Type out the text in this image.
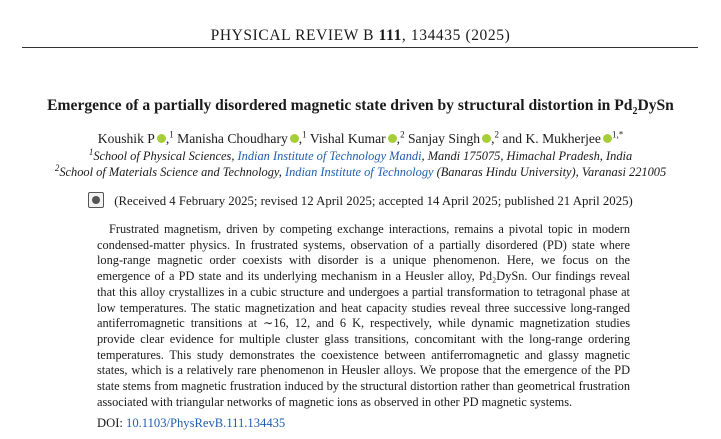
PHYSICAL REVIEW B 111, 134435 (2025)
Emergence of a partially disordered magnetic state driven by structural distortion in $Pd_2DySn$
Koushik P ,$^1$ Manisha Choudhary ,$^1$ Vishal Kumar ,$^2$ Sanjay Singh ,$^2$ and K. Mukherjee $^{1,*}$
$^1$School of Physical Sciences, Indian Institute of Technology Mandi, Mandi 175075, Himachal Pradesh, India
$^2$School of Materials Science and Technology, Indian Institute of Technology (Banaras Hindu University), Varanasi 221005
(Received 4 February 2025; revised 12 April 2025; accepted 14 April 2025; published 21 April 2025)

Frustrated magnetism, driven by competing exchange interactions, remains a pivotal topic in modern condensed-matter physics. In frustrated systems, observation of a partially disordered (PD) state where long-range magnetic order coexists with disorder is a unique phenomenon. Here, we focus on the emergence of a PD state and its underlying mechanism in a Heusler alloy, Pd₂DySn. Our findings reveal that this alloy crystallizes in a cubic structure and undergoes a partial transformation to tetragonal phase at low temperatures. The static magnetization and heat capacity studies reveal three successive long-ranged antiferromagnetic transitions at ∼16, 12, and 6 K, respectively, while dynamic magnetization studies provide clear evidence for multiple cluster glass transitions, concomitant with the long-range ordering temperatures. This study demonstrates the coexistence between antiferromagnetic and glassy magnetic states, which is a relatively rare phenomenon in Heusler alloys. We propose that the emergence of the PD state stems from magnetic frustration induced by the structural distortion rather than geometrical frustration associated with triangular networks of magnetic ions as observed in other PD magnetic systems.

DOI: 10.1103/PhysRevB.111.134435
